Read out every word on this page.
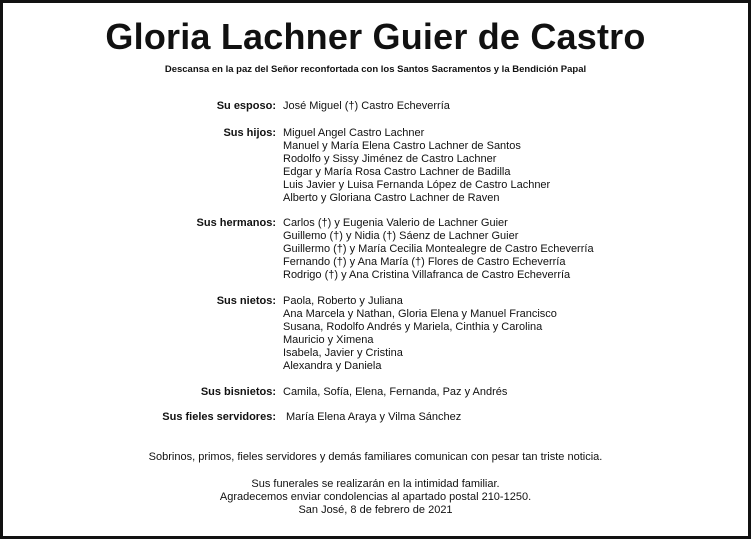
Gloria Lachner Guier de Castro
Descansa en la paz del Señor reconfortada con los Santos Sacramentos y la Bendición Papal
Su esposo: José Miguel (†) Castro Echeverría
Sus hijos: Miguel Angel Castro Lachner
Manuel y María Elena Castro Lachner de Santos
Rodolfo y Sissy Jiménez de Castro Lachner
Edgar y María Rosa Castro Lachner de Badilla
Luis Javier y Luisa Fernanda López de Castro Lachner
Alberto y Gloriana Castro Lachner de Raven
Sus hermanos: Carlos (†) y Eugenia Valerio de Lachner Guier
Guillemo (†) y Nidia (†) Sáenz de Lachner Guier
Guillermo (†) y María Cecilia Montealegre de Castro Echeverría
Fernando (†) y Ana María (†) Flores de Castro Echeverría
Rodrigo (†) y Ana Cristina Villafranca de Castro Echeverría
Sus nietos: Paola, Roberto y Juliana
Ana Marcela y Nathan, Gloria Elena y Manuel Francisco
Susana, Rodolfo Andrés y Mariela, Cinthia y Carolina
Mauricio y Ximena
Isabela, Javier y Cristina
Alexandra y Daniela
Sus bisnietos: Camila, Sofía, Elena, Fernanda, Paz y Andrés
Sus fieles servidores: María Elena Araya y Vilma Sánchez
Sobrinos, primos, fieles servidores y demás familiares comunican con pesar tan triste noticia.
Sus funerales se realizarán en la intimidad familiar.
Agradecemos enviar condolencias al apartado postal 210-1250.
San José, 8 de febrero de 2021
